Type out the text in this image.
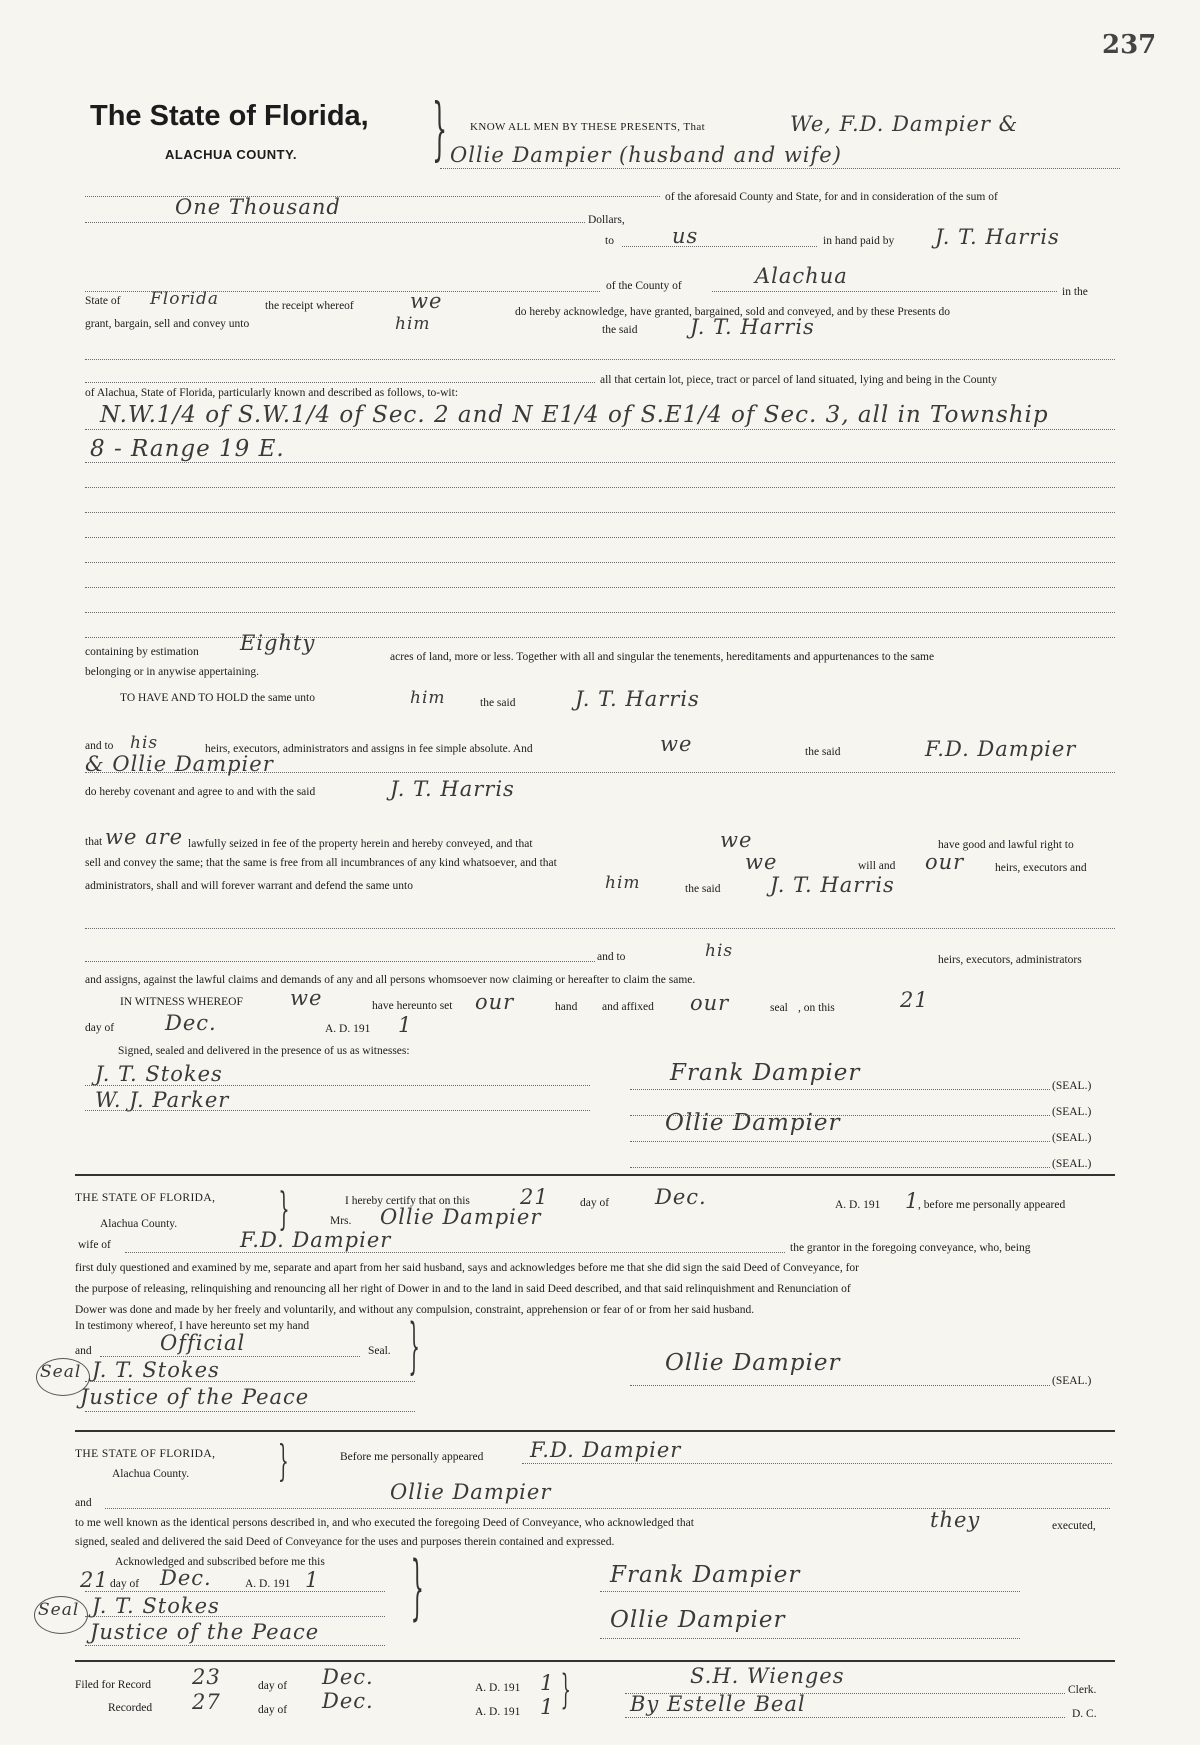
237
The State of Florida,
ALACHUA COUNTY. } KNOW ALL MEN BY THESE PRESENTS, That	We, F.D. Dampier &
Ollie Dampier (husband and wife)
of the aforesaid County and State, for and in consideration of the sum of
One Thousand
Dollars,
to	us	in hand paid by J. T. Harris
of the County of	Alachua
in the
State of Florida	the receipt whereof	we	do hereby acknowledge, have granted, bargained, sold and conveyed, and by these Presents do
grant, bargain, sell and convey unto	him	the said	J. T. Harris
all that certain lot, piece, tract or parcel of land situated, lying and being in the County
of Alachua, State of Florida, particularly known and described as follows, to-wit:
N.W.1/4 of S.W.1/4 of Sec. 2 and N E1/4 of S.E1/4 of Sec. 3, all in Township
8 - Range 19 E.
containing by estimation Eighty
acres of land, more or less. Together with all and singular the tenements, hereditaments and appurtenances to the same
belonging or in anywise appertaining.
TO HAVE AND TO HOLD the same unto	him	the said	J. T. Harris
and to his	heirs, executors, administrators and assigns in fee simple absolute. And	we	the said	F.D. Dampier
& Ollie Dampier
do hereby covenant and agree to and with the said	J. T. Harris
that we are lawfully seized in fee of the property herein and hereby conveyed, and that	we	have good and lawful right to
sell and convey the same; that the same is free from all incumbrances of any kind whatsoever, and that	we	will and our	heirs, executors and
administrators, shall and will forever warrant and defend the same unto	him	the said J. T. Harris
and to	his	heirs, executors, administrators
and assigns, against the lawful claims and demands of any and all persons whomsoever now claiming or hereafter to claim the same.
IN WITNESS WHEREOF we	have hereunto set our	hand and affixed our	seal , on this	21
day of Dec.	A. D. 191 1
Signed, sealed and delivered in the presence of us as witnesses:
J. T. Stokes
W. J. Parker
Frank Dampier
Ollie Dampier
(SEAL.)
(SEAL.)
(SEAL.)
(SEAL.)
THE STATE OF FLORIDA,
Alachua County. }	I hereby certify that on this 21	day of Dec.	A. D. 191 1
, before me personally appeared
Mrs. Ollie Dampier
wife of	F.D. Dampier	the grantor in the foregoing conveyance, who, being
first duly questioned and examined by me, separate and apart from her said husband, says and acknowledges before me that she did sign the said Deed of Conveyance, for
the purpose of releasing, relinquishing and renouncing all her right of Dower in and to the land in said Deed described, and that said relinquishment and Renunciation of
Dower was done and made by her freely and voluntarily, and without any compulsion, constraint, apprehension or fear of or from her said husband.
In testimony whereof, I have hereunto set my hand
and	Official	Seal. }
Seal J. T. Stokes
Justice of the Peace
Ollie Dampier
(SEAL.)
THE STATE OF FLORIDA,
Alachua County. }	Before me personally appeared F.D. Dampier
and	Ollie Dampier
to me well known as the identical persons described in, and who executed the foregoing Deed of Conveyance, who acknowledged that	they	executed,
signed, sealed and delivered the said Deed of Conveyance for the uses and purposes therein contained and expressed.
Acknowledged and subscribed before me this }
21 day of Dec.	A. D. 191 1
Seal J. T. Stokes
Justice of the Peace
Frank Dampier
Ollie Dampier
Filed for Record 23	day of Dec.	A. D. 191 1
Recorded 27	day of Dec.	A. D. 191 1 }	S.H. Wienges
Clerk.
By Estelle Beal	D. C.
